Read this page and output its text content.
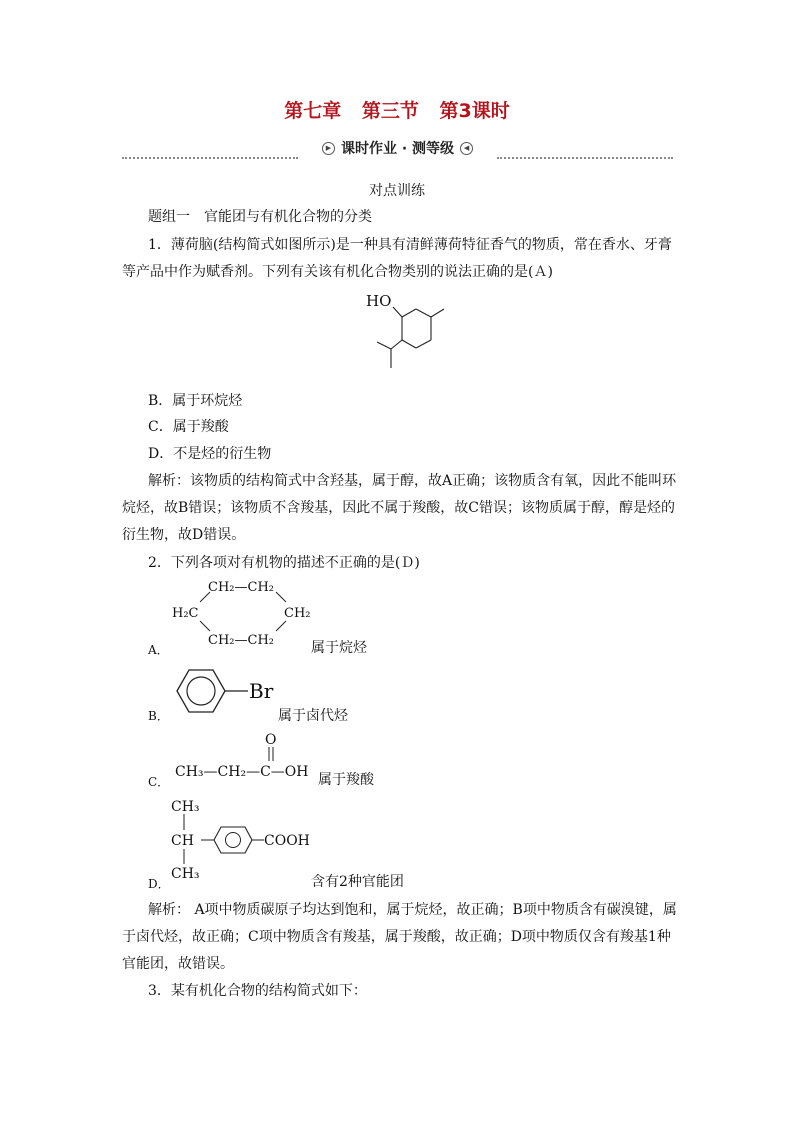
第七章 第三节 第3课时
▶ 课时作业 · 测等级	◀
对点训练
题组一　官能团与有机化合物的分类
1．薄荷脑(结构简式如图所示)是一种具有清鲜薄荷特征香气的物质，常在香水、牙膏
等产品中作为赋香剂。下列有关该有机化合物类别的说法正确的是(Ａ)
HO
B．属于环烷烃
C．属于羧酸
D．不是烃的衍生物
解析：该物质的结构简式中含羟基，属于醇，故A正确；该物质含有氧，因此不能叫环
烷烃，故B错误；该物质不含羧基，因此不属于羧酸，故C错误；该物质属于醇，醇是烃的
衍生物，故D错误。
2．下列各项对有机物的描述不正确的是(Ｄ)
A．
CH₂—CH₂
H₂C	CH₂
CH₂—CH₂	属于烷烃
B．
Br
属于卤代烃
C．
O
CH₃—CH₂—C—OH 属于羧酸
D．
CH₃
CH
CH₃
COOH
含有2种官能团
解析： A项中物质碳原子均达到饱和，属于烷烃，故正确；B项中物质含有碳溴键，属
于卤代烃，故正确；C项中物质含有羧基，属于羧酸，故正确；D项中物质仅含有羧基1种
官能团，故错误。
3．某有机化合物的结构简式如下：
